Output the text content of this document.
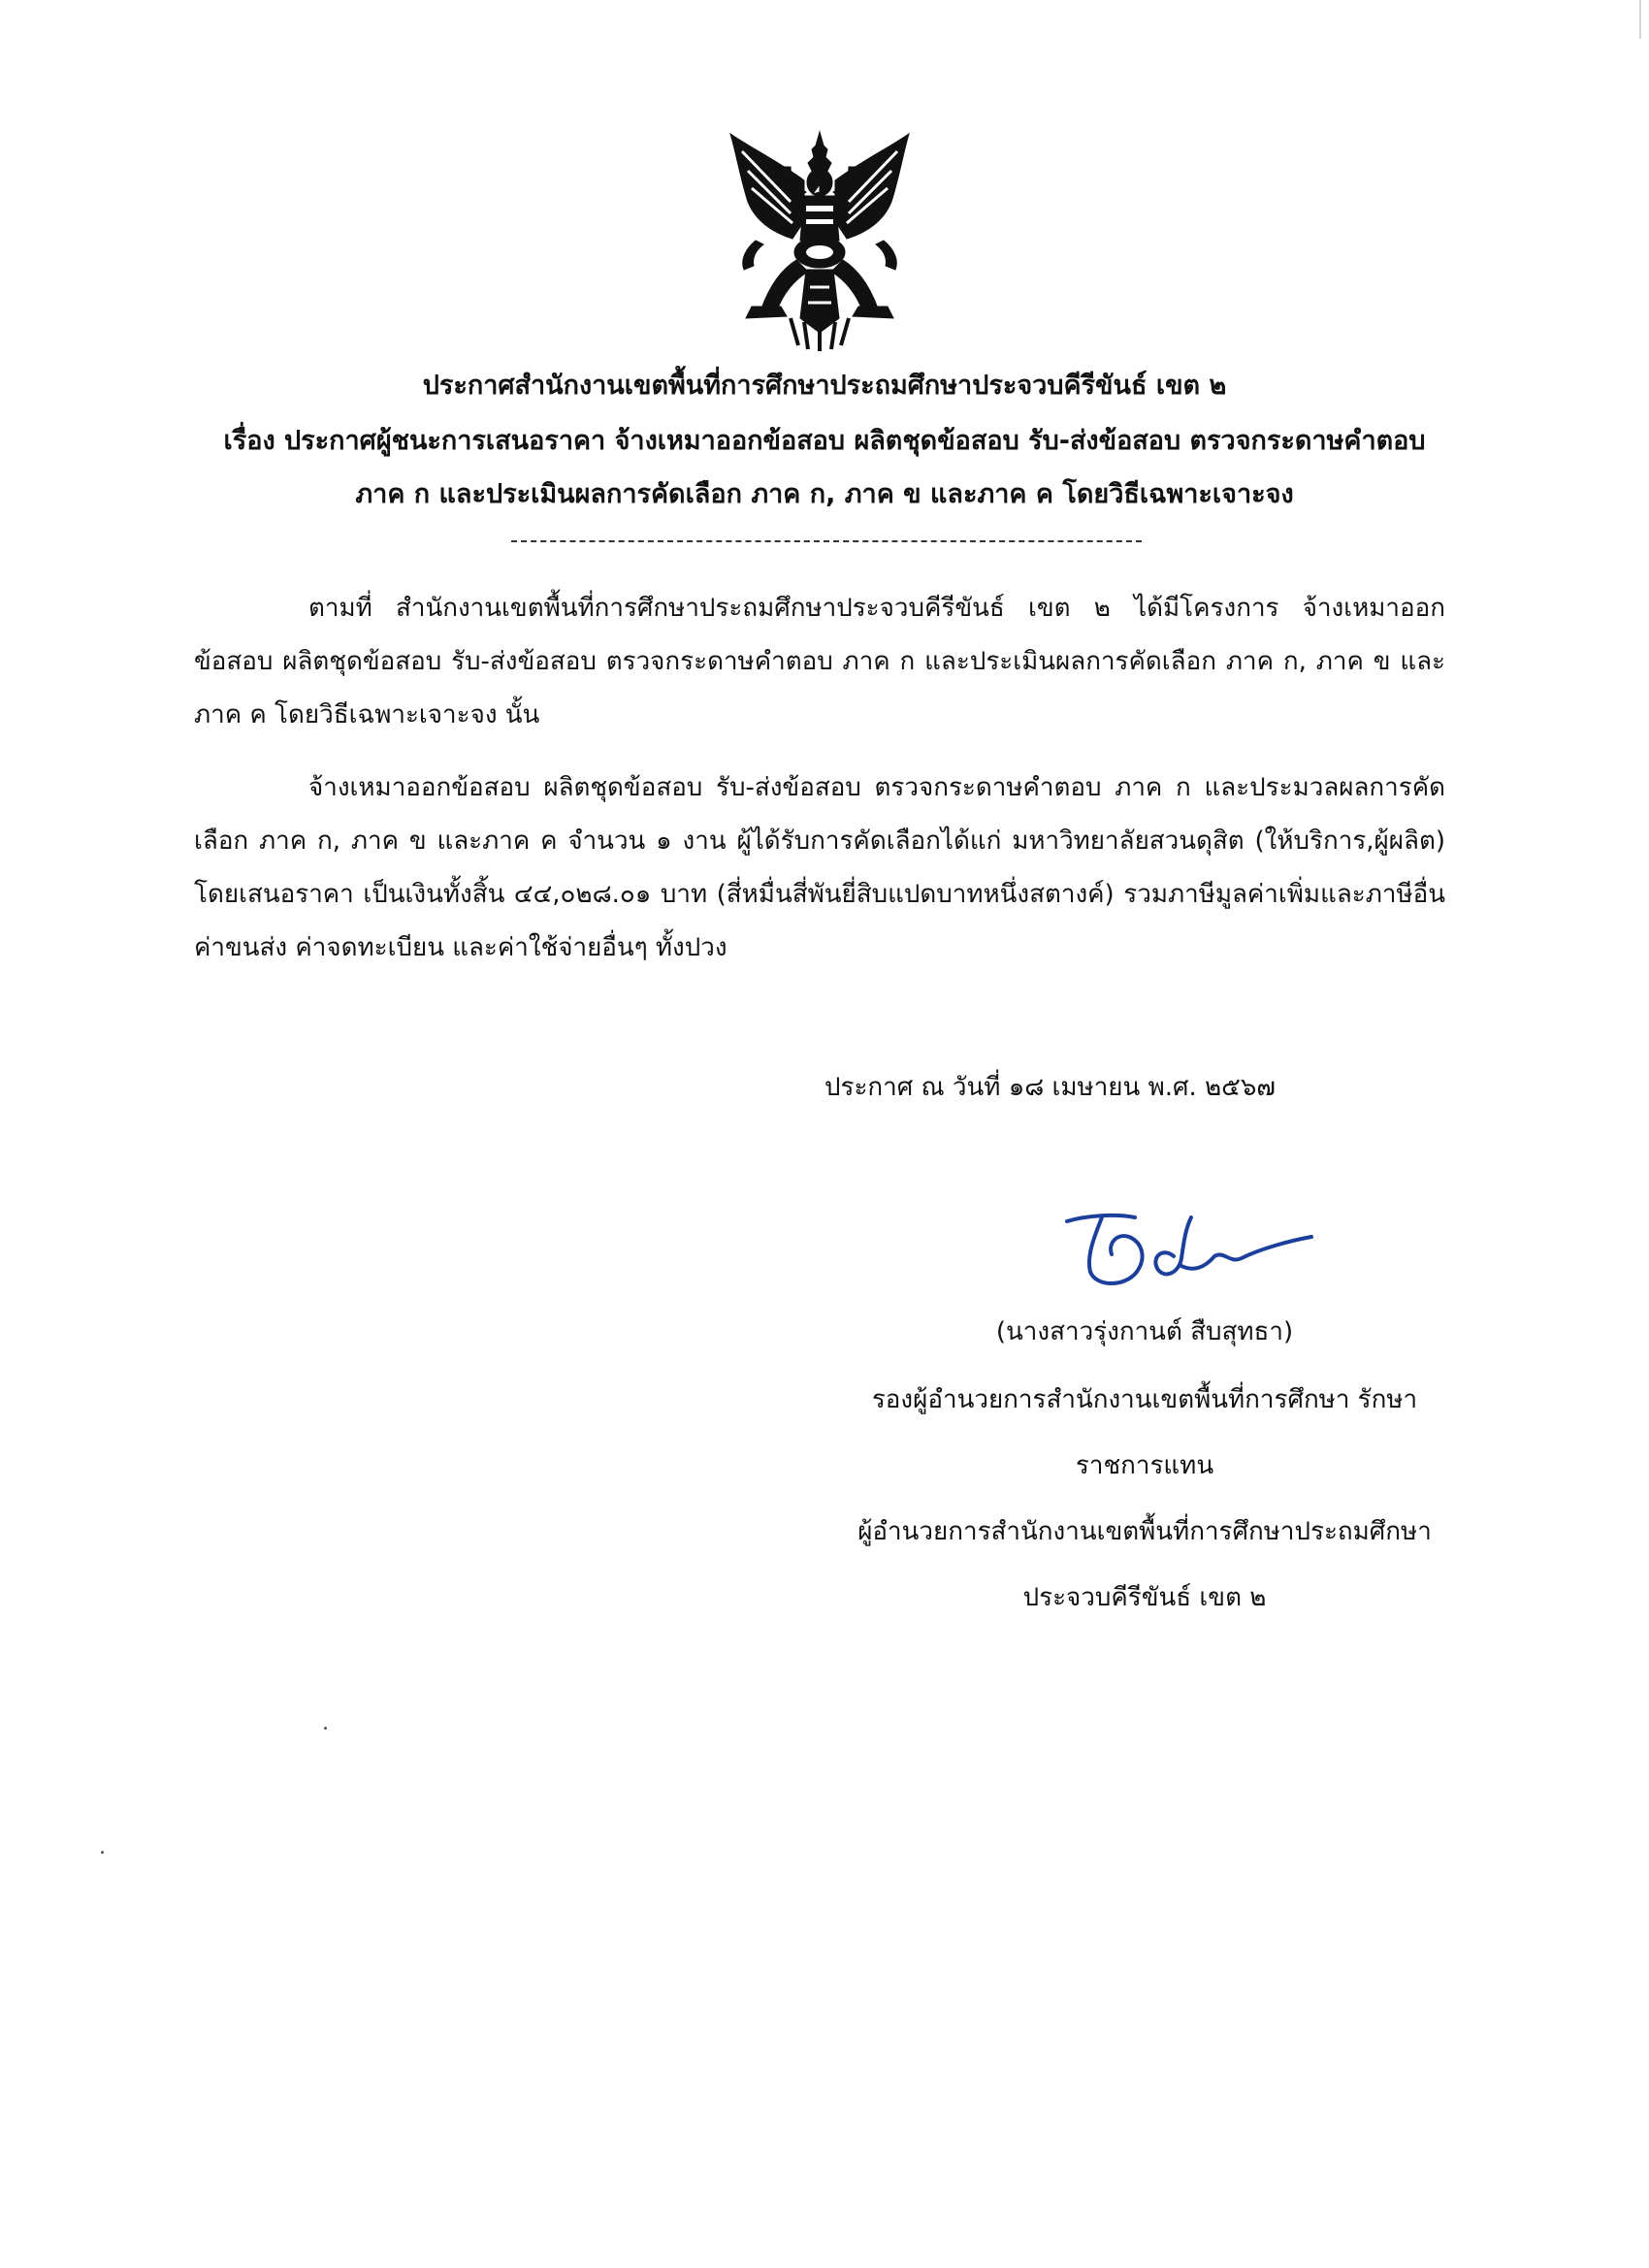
ประกาศสำนักงานเขตพื้นที่การศึกษาประถมศึกษาประจวบคีรีขันธ์ เขต ๒
เรื่อง ประกาศผู้ชนะการเสนอราคา จ้างเหมาออกข้อสอบ ผลิตชุดข้อสอบ รับ-ส่งข้อสอบ ตรวจกระดาษคำตอบ
ภาค ก และประเมินผลการคัดเลือก ภาค ก, ภาค ข และภาค ค โดยวิธีเฉพาะเจาะจง
ตามที่ สำนักงานเขตพื้นที่การศึกษาประถมศึกษาประจวบคีรีขันธ์ เขต ๒ ได้มีโครงการ จ้างเหมาออกข้อสอบ ผลิตชุดข้อสอบ รับ-ส่งข้อสอบ ตรวจกระดาษคำตอบ ภาค ก และประเมินผลการคัดเลือก ภาค ก, ภาค ข และภาค ค โดยวิธีเฉพาะเจาะจง นั้น
จ้างเหมาออกข้อสอบ ผลิตชุดข้อสอบ รับ-ส่งข้อสอบ ตรวจกระดาษคำตอบ ภาค ก และประมวลผลการคัดเลือก ภาค ก, ภาค ข และภาค ค จำนวน ๑ งาน ผู้ได้รับการคัดเลือกได้แก่ มหาวิทยาลัยสวนดุสิต (ให้บริการ,ผู้ผลิต) โดยเสนอราคา เป็นเงินทั้งสิ้น ๔๔,๐๒๘.๐๑ บาท (สี่หมื่นสี่พันยี่สิบแปดบาทหนึ่งสตางค์) รวมภาษีมูลค่าเพิ่มและภาษีอื่น ค่าขนส่ง ค่าจดทะเบียน และค่าใช้จ่ายอื่นๆ ทั้งปวง
ประกาศ ณ วันที่ ๑๘ เมษายน พ.ศ. ๒๕๖๗
(นางสาวรุ่งกานต์ สืบสุทธา)
รองผู้อำนวยการสำนักงานเขตพื้นที่การศึกษา รักษา
ราชการแทน
ผู้อำนวยการสำนักงานเขตพื้นที่การศึกษาประถมศึกษา
ประจวบคีรีขันธ์ เขต ๒
